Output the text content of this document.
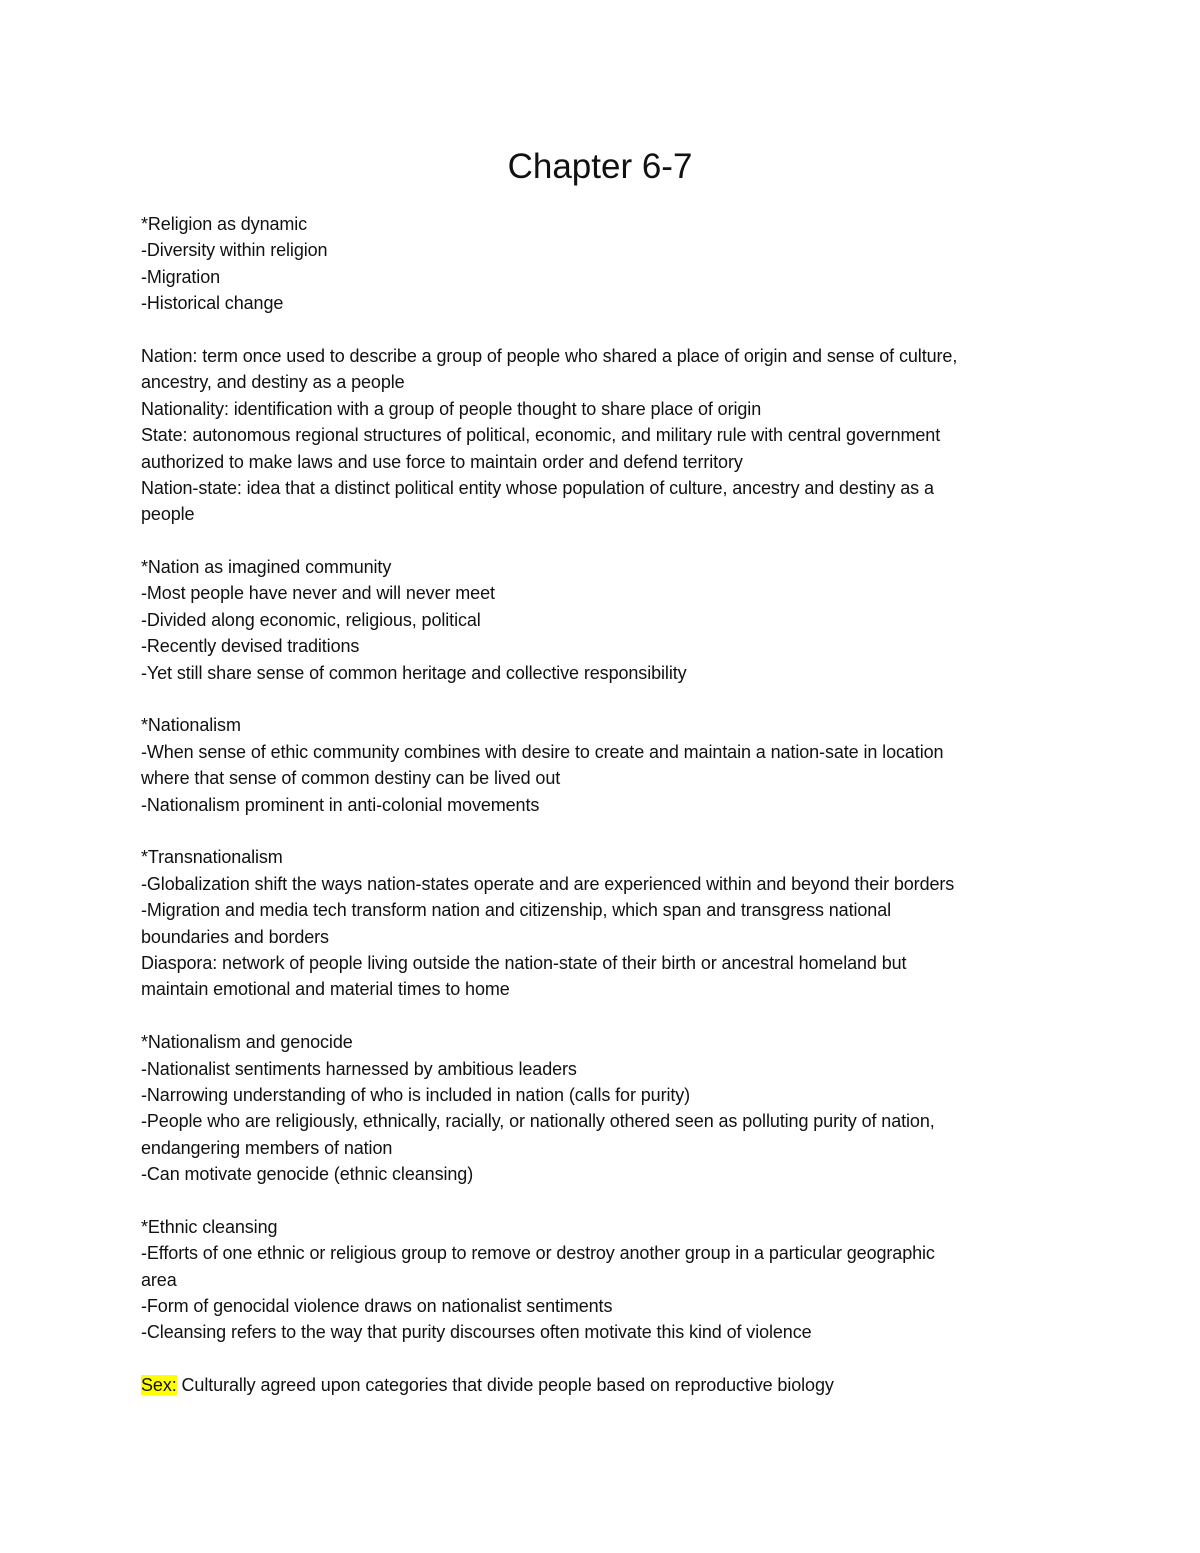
Chapter 6-7
*Religion as dynamic
-Diversity within religion
-Migration
-Historical change
Nation: term once used to describe a group of people who shared a place of origin and sense of culture,
ancestry, and destiny as a people
Nationality: identification with a group of people thought to share place of origin
State: autonomous regional structures of political, economic, and military rule with central government
authorized to make laws and use force to maintain order and defend territory
Nation-state: idea that a distinct political entity whose population of culture, ancestry and destiny as a
people
*Nation as imagined community
-Most people have never and will never meet
-Divided along economic, religious, political
-Recently devised traditions
-Yet still share sense of common heritage and collective responsibility
*Nationalism
-When sense of ethic community combines with desire to create and maintain a nation-sate in location
where that sense of common destiny can be lived out
-Nationalism prominent in anti-colonial movements
*Transnationalism
-Globalization shift the ways nation-states operate and are experienced within and beyond their borders
-Migration and media tech transform nation and citizenship, which span and transgress national
boundaries and borders
Diaspora: network of people living outside the nation-state of their birth or ancestral homeland but
maintain emotional and material times to home
*Nationalism and genocide
-Nationalist sentiments harnessed by ambitious leaders
-Narrowing understanding of who is included in nation (calls for purity)
-People who are religiously, ethnically, racially, or nationally othered seen as polluting purity of nation,
endangering members of nation
-Can motivate genocide (ethnic cleansing)
*Ethnic cleansing
-Efforts of one ethnic or religious group to remove or destroy another group in a particular geographic
area
-Form of genocidal violence draws on nationalist sentiments
-Cleansing refers to the way that purity discourses often motivate this kind of violence
Sex: Culturally agreed upon categories that divide people based on reproductive biology
